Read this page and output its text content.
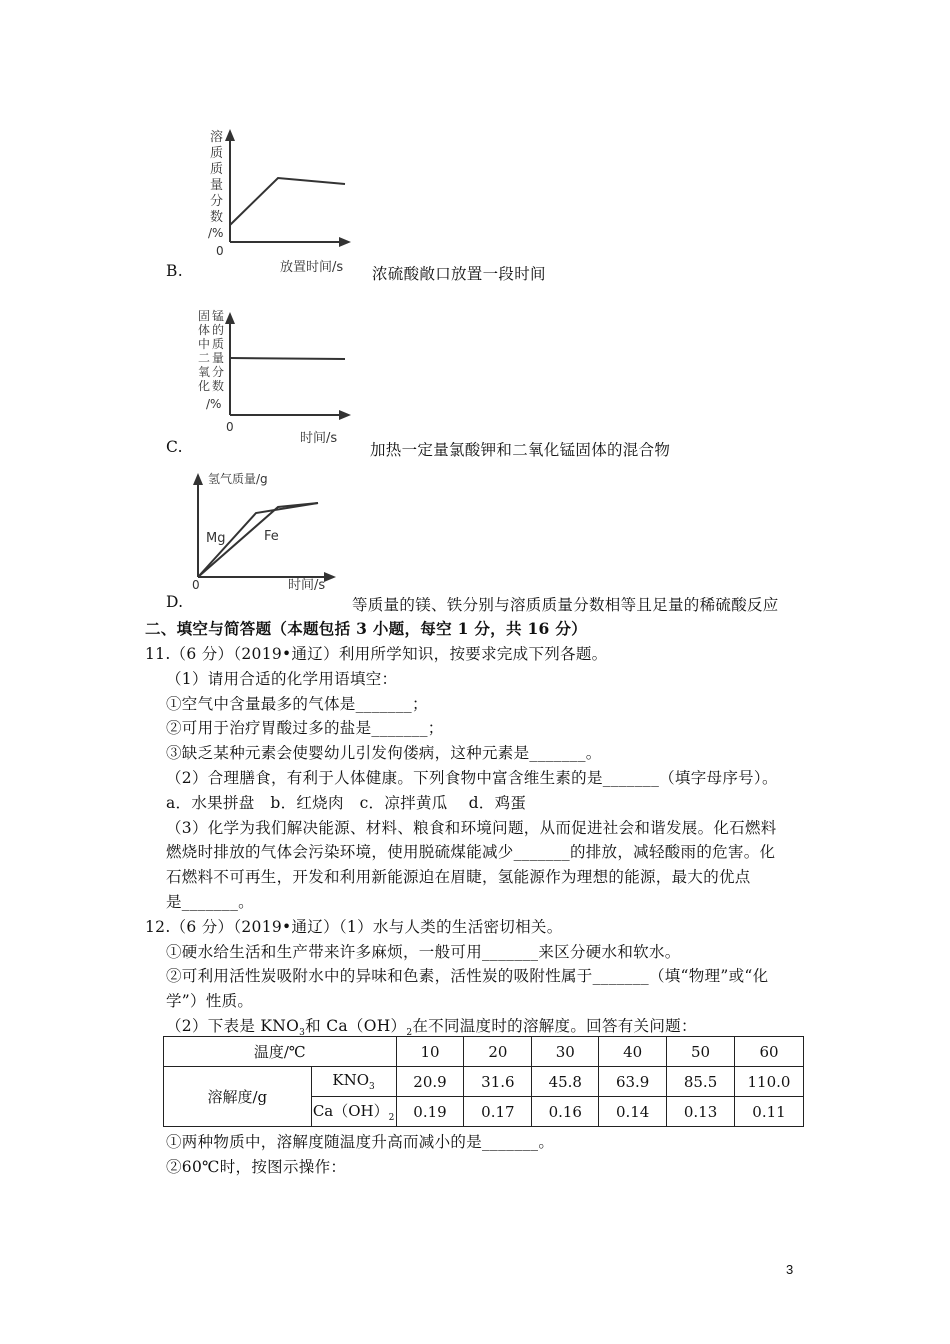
溶
质
质
量
分
数
/%
0
放置时间/s
B.	浓硫酸敞口放置一段时间
固
体
中
二
氧
化
锰
的
质
量
分
数
/%
0
时间/s
C.	加热一定量氯酸钾和二氧化锰固体的混合物
氢气质量/g
Mg	Fe
0	时间/s
D.	等质量的镁、铁分别与溶质质量分数相等且足量的稀硫酸反应
二、填空与简答题（本题包括 3 小题，每空 1 分，共 16 分）
11.（6 分）（2019•通辽）利用所学知识，按要求完成下列各题。
（1）请用合适的化学用语填空：
①空气中含量最多的气体是_______；
②可用于治疗胃酸过多的盐是_______；
③缺乏某种元素会使婴幼儿引发佝偻病，这种元素是_______。
（2）合理膳食，有利于人体健康。下列食物中富含维生素的是_______（填字母序号）。
a．水果拼盘　b．红烧肉　c．凉拌黄瓜　 d．鸡蛋
（3）化学为我们解决能源、材料、粮食和环境问题，从而促进社会和谐发展。化石燃料
燃烧时排放的气体会污染环境，使用脱硫煤能减少_______的排放，减轻酸雨的危害。化
石燃料不可再生，开发和利用新能源迫在眉睫，氢能源作为理想的能源，最大的优点
是_______。
12.（6 分）（2019•通辽）（1）水与人类的生活密切相关。
①硬水给生活和生产带来许多麻烦，一般可用_______来区分硬水和软水。
②可利用活性炭吸附水中的异味和色素，活性炭的吸附性属于_______（填“物理”或“化
学”）性质。
（2）下表是 $KNO_3$和 $Ca(OH)_2$在不同温度时的溶解度。回答有关问题：
温度/℃		10	20	30	40	50	60
溶解度/g	$KNO_3$	20.9	31.6	45.8	63.9	85.5	110.0
	$Ca(OH)_2$	0.19	0.17	0.16	0.14	0.13	0.11
①两种物质中，溶解度随温度升高而减小的是_______。
②60℃时，按图示操作：
3
